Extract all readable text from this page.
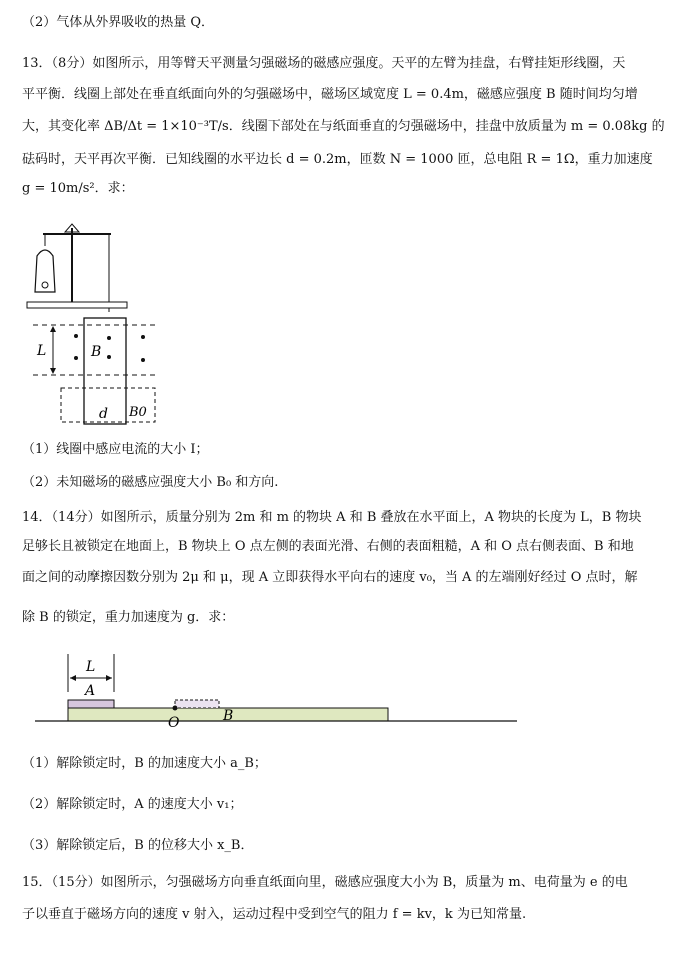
（2）气体从外界吸收的热量 Q．
13．（8分）如图所示，用等臂天平测量匀强磁场的磁感应强度。天平的左臂为挂盘，右臂挂矩形线圈，天
平平衡．线圈上部处在垂直纸面向外的匀强磁场中，磁场区域宽度 L = 0.4m，磁感应强度 B 随时间均匀增
大，其变化率 ΔB/Δt = 1×10⁻³T/s．线圈下部处在与纸面垂直的匀强磁场中，挂盘中放质量为 m = 0.08kg 的
砝码时，天平再次平衡．已知线圈的水平边长 d = 0.2m，匝数 N = 1000 匝，总电阻 R = 1Ω，重力加速度
g = 10m/s²．求：
L	B
d B0
（1）线圈中感应电流的大小 I；
（2）未知磁场的磁感应强度大小 B₀ 和方向.
14．（14分）如图所示，质量分别为 2m 和 m 的物块 A 和 B 叠放在水平面上，A 物块的长度为 L，B 物块
足够长且被锁定在地面上，B 物块上 O 点左侧的表面光滑、右侧的表面粗糙，A 和 O 点右侧表面、B 和地
面之间的动摩擦因数分别为 2μ 和 μ，现 A 立即获得水平向右的速度 v₀，当 A 的左端刚好经过 O 点时，解
除 B 的锁定，重力加速度为 g．求：
L
A
O	B
（1）解除锁定时，B 的加速度大小 a_B；
（2）解除锁定时，A 的速度大小 v₁；
（3）解除锁定后，B 的位移大小 x_B．
15．（15分）如图所示，匀强磁场方向垂直纸面向里，磁感应强度大小为 B，质量为 m、电荷量为 e 的电
子以垂直于磁场方向的速度 v 射入，运动过程中受到空气的阻力 f = kv，k 为已知常量.
